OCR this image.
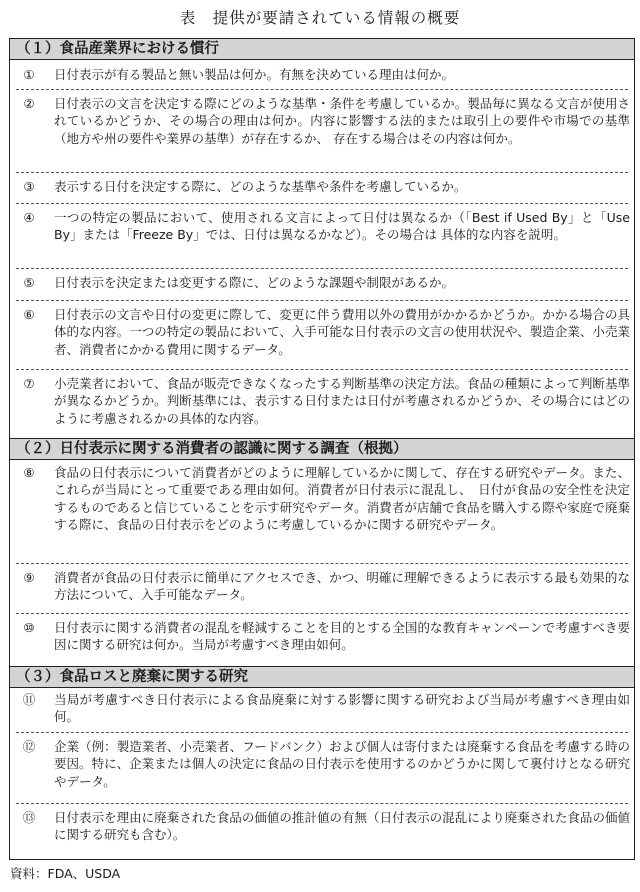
表　提供が要請されている情報の概要
（１）食品産業界における慣行
①	日付表示が有る製品と無い製品は何か。有無を決めている理由は何か。
②	日付表示の文言を決定する際にどのような基準・条件を考慮しているか。製品毎に異なる文言が使用されているかどうか、その場合の理由は何か。内容に影響する法的または取引上の要件や市場での基準（地方や州の要件や業界の基準）が存在するか、 存在する場合はその内容は何か。
③	表示する日付を決定する際に、どのような基準や条件を考慮しているか。
④	一つの特定の製品において、使用される文言によって日付は異なるか（「Best if Used By」と「Use By」または「Freeze By」では、日付は異なるかなど）。その場合は 具体的な内容を説明。
⑤	日付表示を決定または変更する際に、どのような課題や制限があるか。
⑥	日付表示の文言や日付の変更に際して、変更に伴う費用以外の費用がかかるかどうか。かかる場合の具体的な内容。一つの特定の製品において、入手可能な日付表示の文言の使用状況や、製造企業、小売業者、消費者にかかる費用に関するデータ。
⑦	小売業者において、食品が販売できなくなったする判断基準の決定方法。食品の種類によって判断基準が異なるかどうか。判断基準には、表示する日付または日付が考慮されるかどうか、その場合にはどのように考慮されるかの具体的な内容。
（２）日付表示に関する消費者の認識に関する調査（根拠）
⑧	食品の日付表示について消費者がどのように理解しているかに関して、存在する研究やデータ。また、これらが当局にとって重要である理由如何。消費者が日付表示に混乱し、　日付が食品の安全性を決定するものであると信じていることを示す研究やデータ。消費者が店舗で食品を購入する際や家庭で廃棄する際に、食品の日付表示をどのように考慮しているかに関する研究やデータ。
⑨	消費者が食品の日付表示に簡単にアクセスでき、かつ、明確に理解できるように表示する最も効果的な方法について、入手可能なデータ。
⑩	日付表示に関する消費者の混乱を軽減することを目的とする全国的な教育キャンペーンで考慮すべき要因に関する研究は何か。当局が考慮すべき理由如何。
（３）食品ロスと廃棄に関する研究
⑪	当局が考慮すべき日付表示による食品廃棄に対する影響に関する研究および当局が考慮すべき理由如何。
⑫	企業（例：製造業者、小売業者、フードバンク）および個人は寄付または廃棄する食品を考慮する時の要因。特に、企業または個人の決定に食品の日付表示を使用するのかどうかに関して裏付けとなる研究やデータ。
⑬	日付表示を理由に廃棄された食品の価値の推計値の有無（日付表示の混乱により廃棄された食品の価値に関する研究も含む）。
資料：FDA、USDA
